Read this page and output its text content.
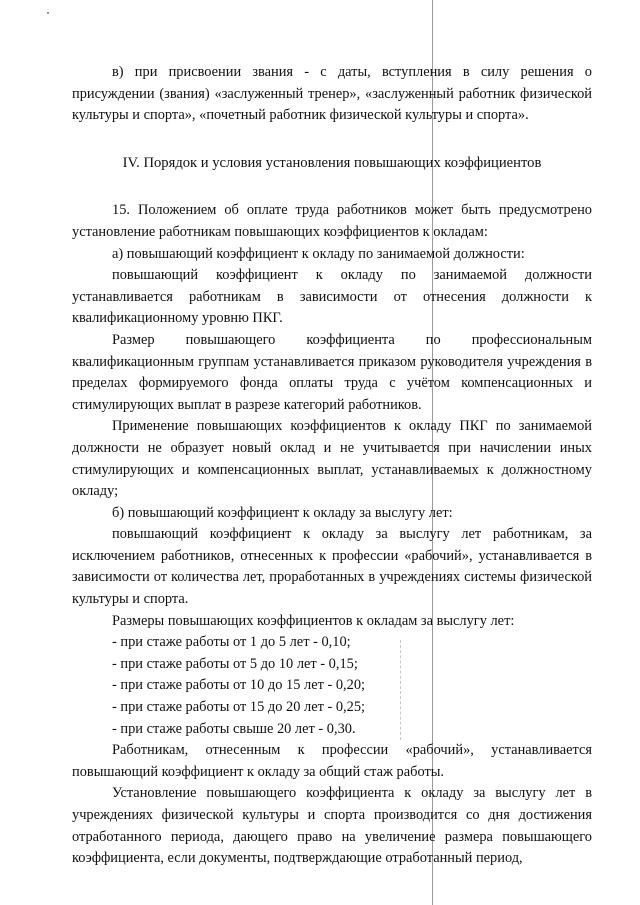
в) при присвоении звания - с даты, вступления в силу решения о присуждении (звания) «заслуженный тренер», «заслуженный работник физической культуры и спорта», «почетный работник физической культуры и спорта».

IV. Порядок и условия установления повышающих коэффициентов

15. Положением об оплате труда работников может быть предусмотрено установление работникам повышающих коэффициентов к окладам:

а) повышающий коэффициент к окладу по занимаемой должности:

повышающий коэффициент к окладу по занимаемой должности устанавливается работникам в зависимости от отнесения должности к квалификационному уровню ПКГ.

Размер повышающего коэффициента по профессиональным квалификационным группам устанавливается приказом руководителя учреждения в пределах формируемого фонда оплаты труда с учётом компенсационных и стимулирующих выплат в разрезе категорий работников.

Применение повышающих коэффициентов к окладу ПКГ по занимаемой должности не образует новый оклад и не учитывается при начислении иных стимулирующих и компенсационных выплат, устанавливаемых к должностному окладу;

б) повышающий коэффициент к окладу за выслугу лет:

повышающий коэффициент к окладу за выслугу лет работникам, за исключением работников, отнесенных к профессии «рабочий», устанавливается в зависимости от количества лет, проработанных в учреждениях системы физической культуры и спорта.

Размеры повышающих коэффициентов к окладам за выслугу лет:

- при стаже работы от 1 до 5 лет - 0,10;

- при стаже работы от 5 до 10 лет - 0,15;

- при стаже работы от 10 до 15 лет - 0,20;

- при стаже работы от 15 до 20 лет - 0,25;

- при стаже работы свыше 20 лет - 0,30.

Работникам, отнесенным к профессии «рабочий», устанавливается повышающий коэффициент к окладу за общий стаж работы.

Установление повышающего коэффициента к окладу за выслугу лет в учреждениях физической культуры и спорта производится со дня достижения отработанного периода, дающего право на увеличение размера повышающего коэффициента, если документы, подтверждающие отработанный период,
